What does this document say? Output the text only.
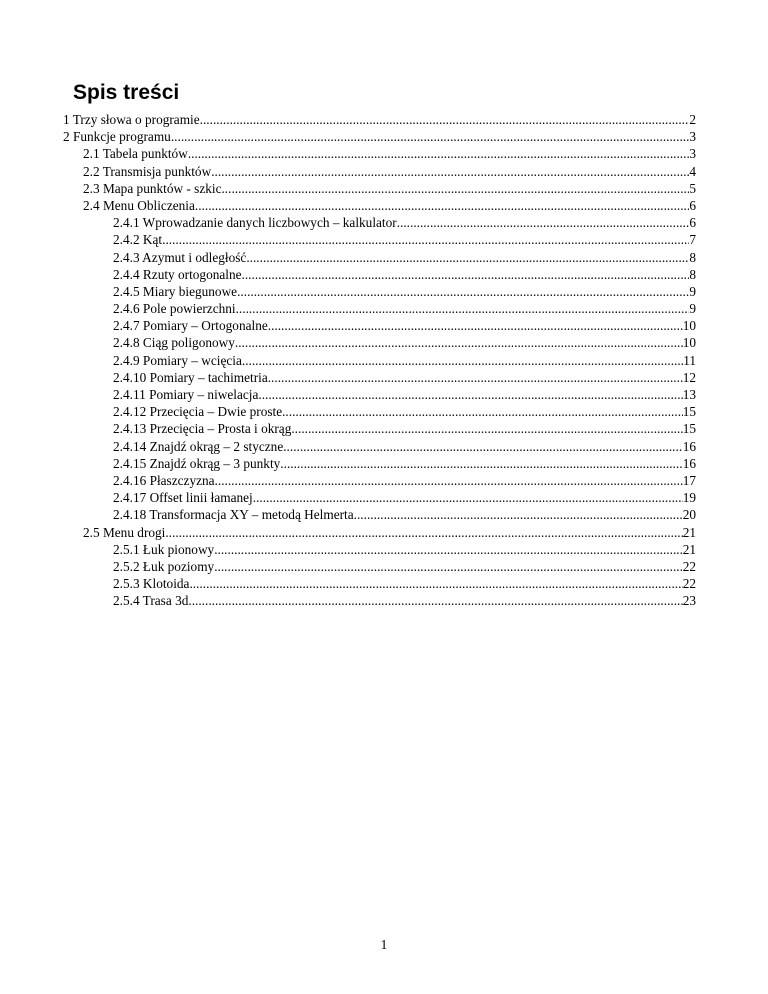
Spis treści
1 Trzy słowa o programie .....	2
2 Funkcje programu .....	3
2.1 Tabela punktów .....	3
2.2 Transmisja punktów .....	4
2.3 Mapa punktów - szkic .....	5
2.4 Menu Obliczenia .....	6
2.4.1 Wprowadzanie danych liczbowych – kalkulator .....	6
2.4.2 Kąt .....	7
2.4.3 Azymut i odległość .....	8
2.4.4 Rzuty ortogonalne .....	8
2.4.5 Miary biegunowe .....	9
2.4.6 Pole powierzchni .....	9
2.4.7 Pomiary – Ortogonalne .....	10
2.4.8 Ciąg poligonowy .....	10
2.4.9 Pomiary – wcięcia .....	11
2.4.10 Pomiary – tachimetria .....	12
2.4.11 Pomiary – niwelacja .....	13
2.4.12 Przecięcia – Dwie proste .....	15
2.4.13 Przecięcia – Prosta i okrąg .....	15
2.4.14 Znajdź okrąg – 2 styczne .....	16
2.4.15 Znajdź okrąg – 3 punkty .....	16
2.4.16 Płaszczyzna .....	17
2.4.17 Offset linii łamanej .....	19
2.4.18 Transformacja XY – metodą Helmerta .....	20
2.5 Menu drogi .....	21
2.5.1 Łuk pionowy .....	21
2.5.2 Łuk poziomy .....	22
2.5.3 Klotoida .....	22
2.5.4 Trasa 3d .....	23

1
